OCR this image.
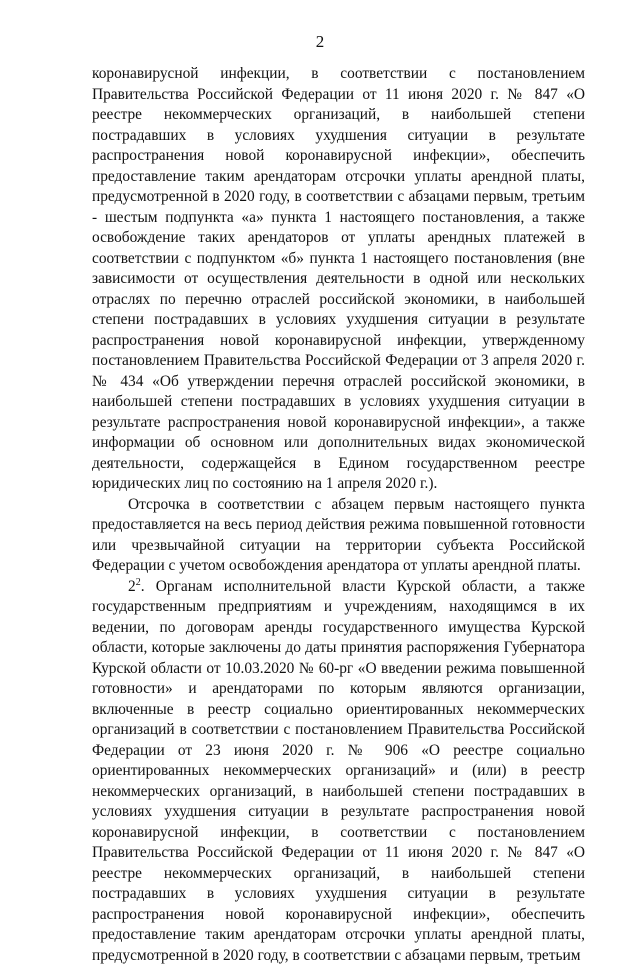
2

коронавирусной инфекции, в соответствии с постановлением Правительства Российской Федерации от 11 июня 2020 г. № 847 «О реестре некоммерческих организаций, в наибольшей степени пострадавших в условиях ухудшения ситуации в результате распространения новой коронавирусной инфекции», обеспечить предоставление таким арендаторам отсрочки уплаты арендной платы, предусмотренной в 2020 году, в соответствии с абзацами первым, третьим - шестым подпункта «а» пункта 1 настоящего постановления, а также освобождение таких арендаторов от уплаты арендных платежей в соответствии с подпунктом «б» пункта 1 настоящего постановления (вне зависимости от осуществления деятельности в одной или нескольких отраслях по перечню отраслей российской экономики, в наибольшей степени пострадавших в условиях ухудшения ситуации в результате распространения новой коронавирусной инфекции, утвержденному постановлением Правительства Российской Федерации от 3 апреля 2020 г. № 434 «Об утверждении перечня отраслей российской экономики, в наибольшей степени пострадавших в условиях ухудшения ситуации в результате распространения новой коронавирусной инфекции», а также информации об основном или дополнительных видах экономической деятельности, содержащейся в Едином государственном реестре юридических лиц по состоянию на 1 апреля 2020 г.).

Отсрочка в соответствии с абзацем первым настоящего пункта предоставляется на весь период действия режима повышенной готовности или чрезвычайной ситуации на территории субъекта Российской Федерации с учетом освобождения арендатора от уплаты арендной платы.

$2^2$. Органам исполнительной власти Курской области, а также государственным предприятиям и учреждениям, находящимся в их ведении, по договорам аренды государственного имущества Курской области, которые заключены до даты принятия распоряжения Губернатора Курской области от 10.03.2020 № 60-рг «О введении режима повышенной готовности» и арендаторами по которым являются организации, включенные в реестр социально ориентированных некоммерческих организаций в соответствии с постановлением Правительства Российской Федерации от 23 июня 2020 г. № 906 «О реестре социально ориентированных некоммерческих организаций» и (или) в реестр некоммерческих организаций, в наибольшей степени пострадавших в условиях ухудшения ситуации в результате распространения новой коронавирусной инфекции, в соответствии с постановлением Правительства Российской Федерации от 11 июня 2020 г. № 847 «О реестре некоммерческих организаций, в наибольшей степени пострадавших в условиях ухудшения ситуации в результате распространения новой коронавирусной инфекции», обеспечить предоставление таким арендаторам отсрочки уплаты арендной платы, предусмотренной в 2020 году, в соответствии с абзацами первым, третьим
